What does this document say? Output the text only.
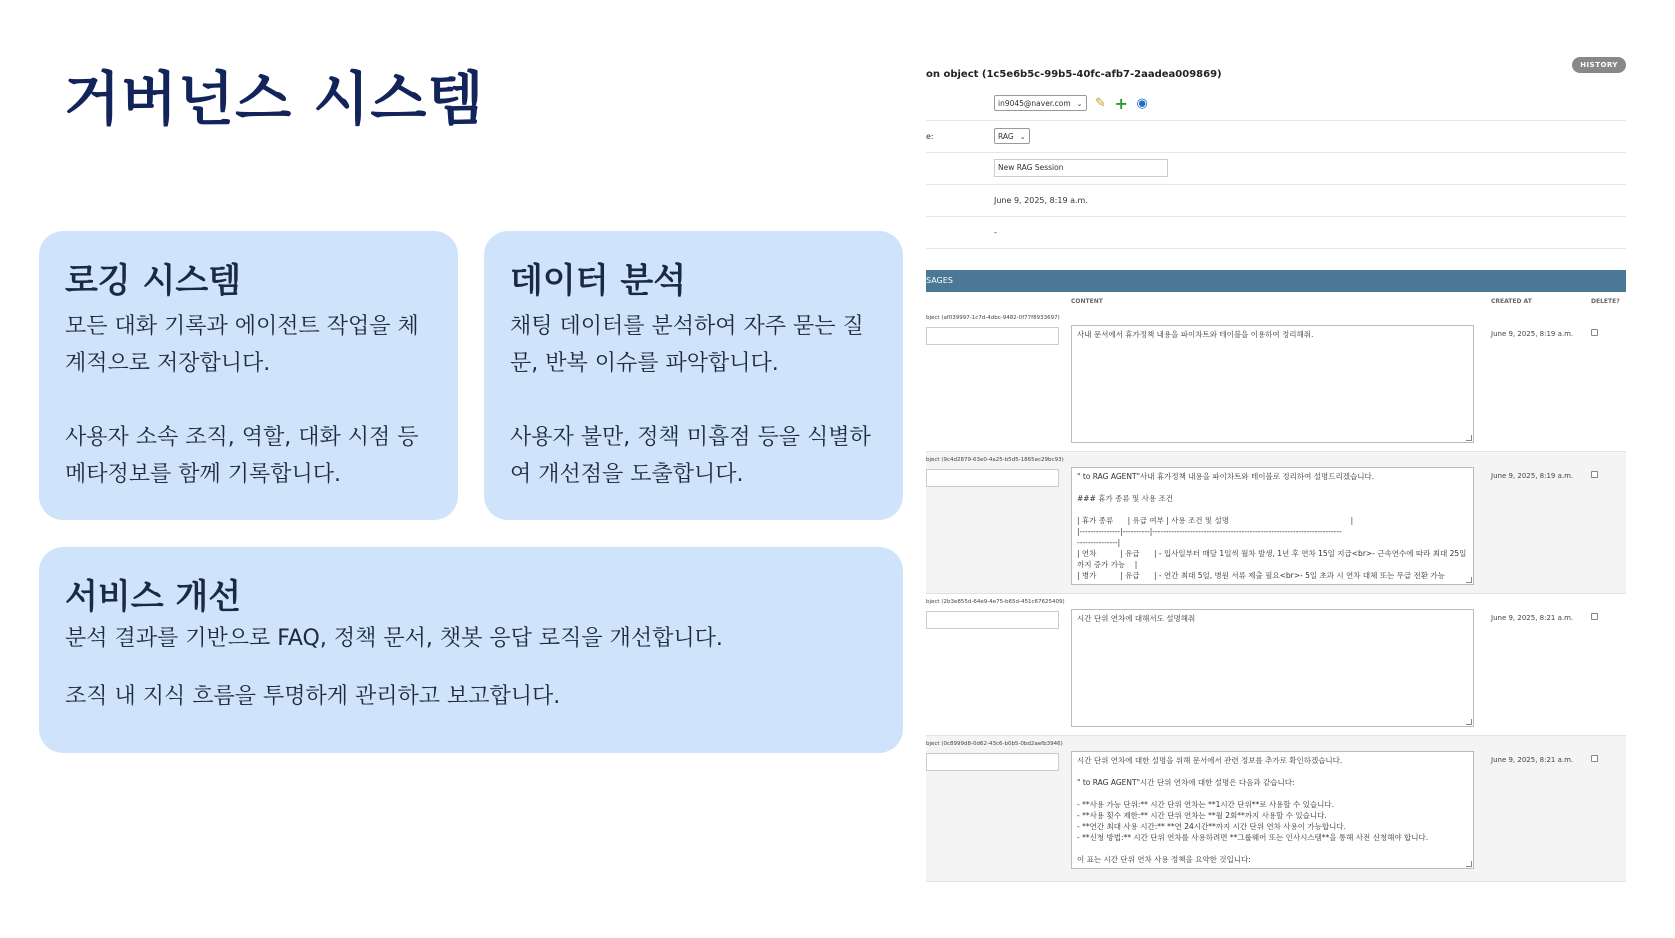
거버넌스 시스템
로깅 시스템

모든 대화 기록과 에이전트 작업을 체계적으로 저장합니다.

사용자 소속 조직, 역할, 대화 시점 등 메타정보를 함께 기록합니다.

데이터 분석

채팅 데이터를 분석하여 자주 묻는 질문, 반복 이슈를 파악합니다.

사용자 불만, 정책 미흡점 등을 식별하여 개선점을 도출합니다.

서비스 개선

분석 결과를 기반으로 FAQ, 정책 문서, 챗봇 응답 로직을 개선합니다.

조직 내 지식 흐름을 투명하게 관리하고 보고합니다.

HISTORY
on object (1c5e6b5c-99b5-40fc-afb7-2aadea009869)
in9045@naver.com ⌄ ✎ + ◉
e:	RAG ⌄
New RAG Session
June 9, 2025, 8:19 a.m.
-
SAGES
CONTENT	CREATED AT	DELETE?
bject (af039997-1c7d-4dbc-9482-0f77f8933697)
사내 문서에서 휴가정책 내용을 파이차트와 테이블을 이용하여 정리해줘.	June 9, 2025, 8:19 a.m.
bject (9c4d2879-63e0-4a25-b5d5-1865ec29bc93)
" to RAG AGENT"사내 휴가정책 내용을 파이차트와 테이블로 정리하여 설명드리겠습니다.

### 휴가 종류 및 사용 조건

| 휴가 종류      | 유급 여부 | 사용 조건 및 설명                                                   |
|---------------|----------|----------------------------------------------------------------------
---------------|
| 연차          | 유급      | - 입사일부터 매달 1일씩 월차 발생, 1년 후 연차 15일 지급<br>- 근속연수에 따라 최대 25일까지 증가 가능    |
| 병가          | 유급      | - 연간 최대 5일, 병원 서류 제출 필요<br>- 5일 초과 시 연차 대체 또는 무급 전환 가능
June 9, 2025, 8:19 a.m.
bject (2b3e855d-64e9-4e75-b65d-451c67625409)
시간 단위 연차에 대해서도 설명해줘	June 9, 2025, 8:21 a.m.
bject (0c8999d8-0d62-43c6-b0b5-0bd2aefb3946)
시간 단위 연차에 대한 설명을 위해 문서에서 관련 정보를 추가로 확인하겠습니다.

" to RAG AGENT"시간 단위 연차에 대한 설명은 다음과 같습니다:

- **사용 가능 단위:** 시간 단위 연차는 **1시간 단위**로 사용할 수 있습니다.
- **사용 횟수 제한:** 시간 단위 연차는 **월 2회**까지 사용할 수 있습니다.
- **연간 최대 사용 시간:** **연 24시간**까지 시간 단위 연차 사용이 가능합니다.
- **신청 방법:** 시간 단위 연차를 사용하려면 **그룹웨어 또는 인사시스템**을 통해 사전 신청해야 합니다.

이 표는 시간 단위 연차 사용 정책을 요약한 것입니다:
June 9, 2025, 8:21 a.m.
